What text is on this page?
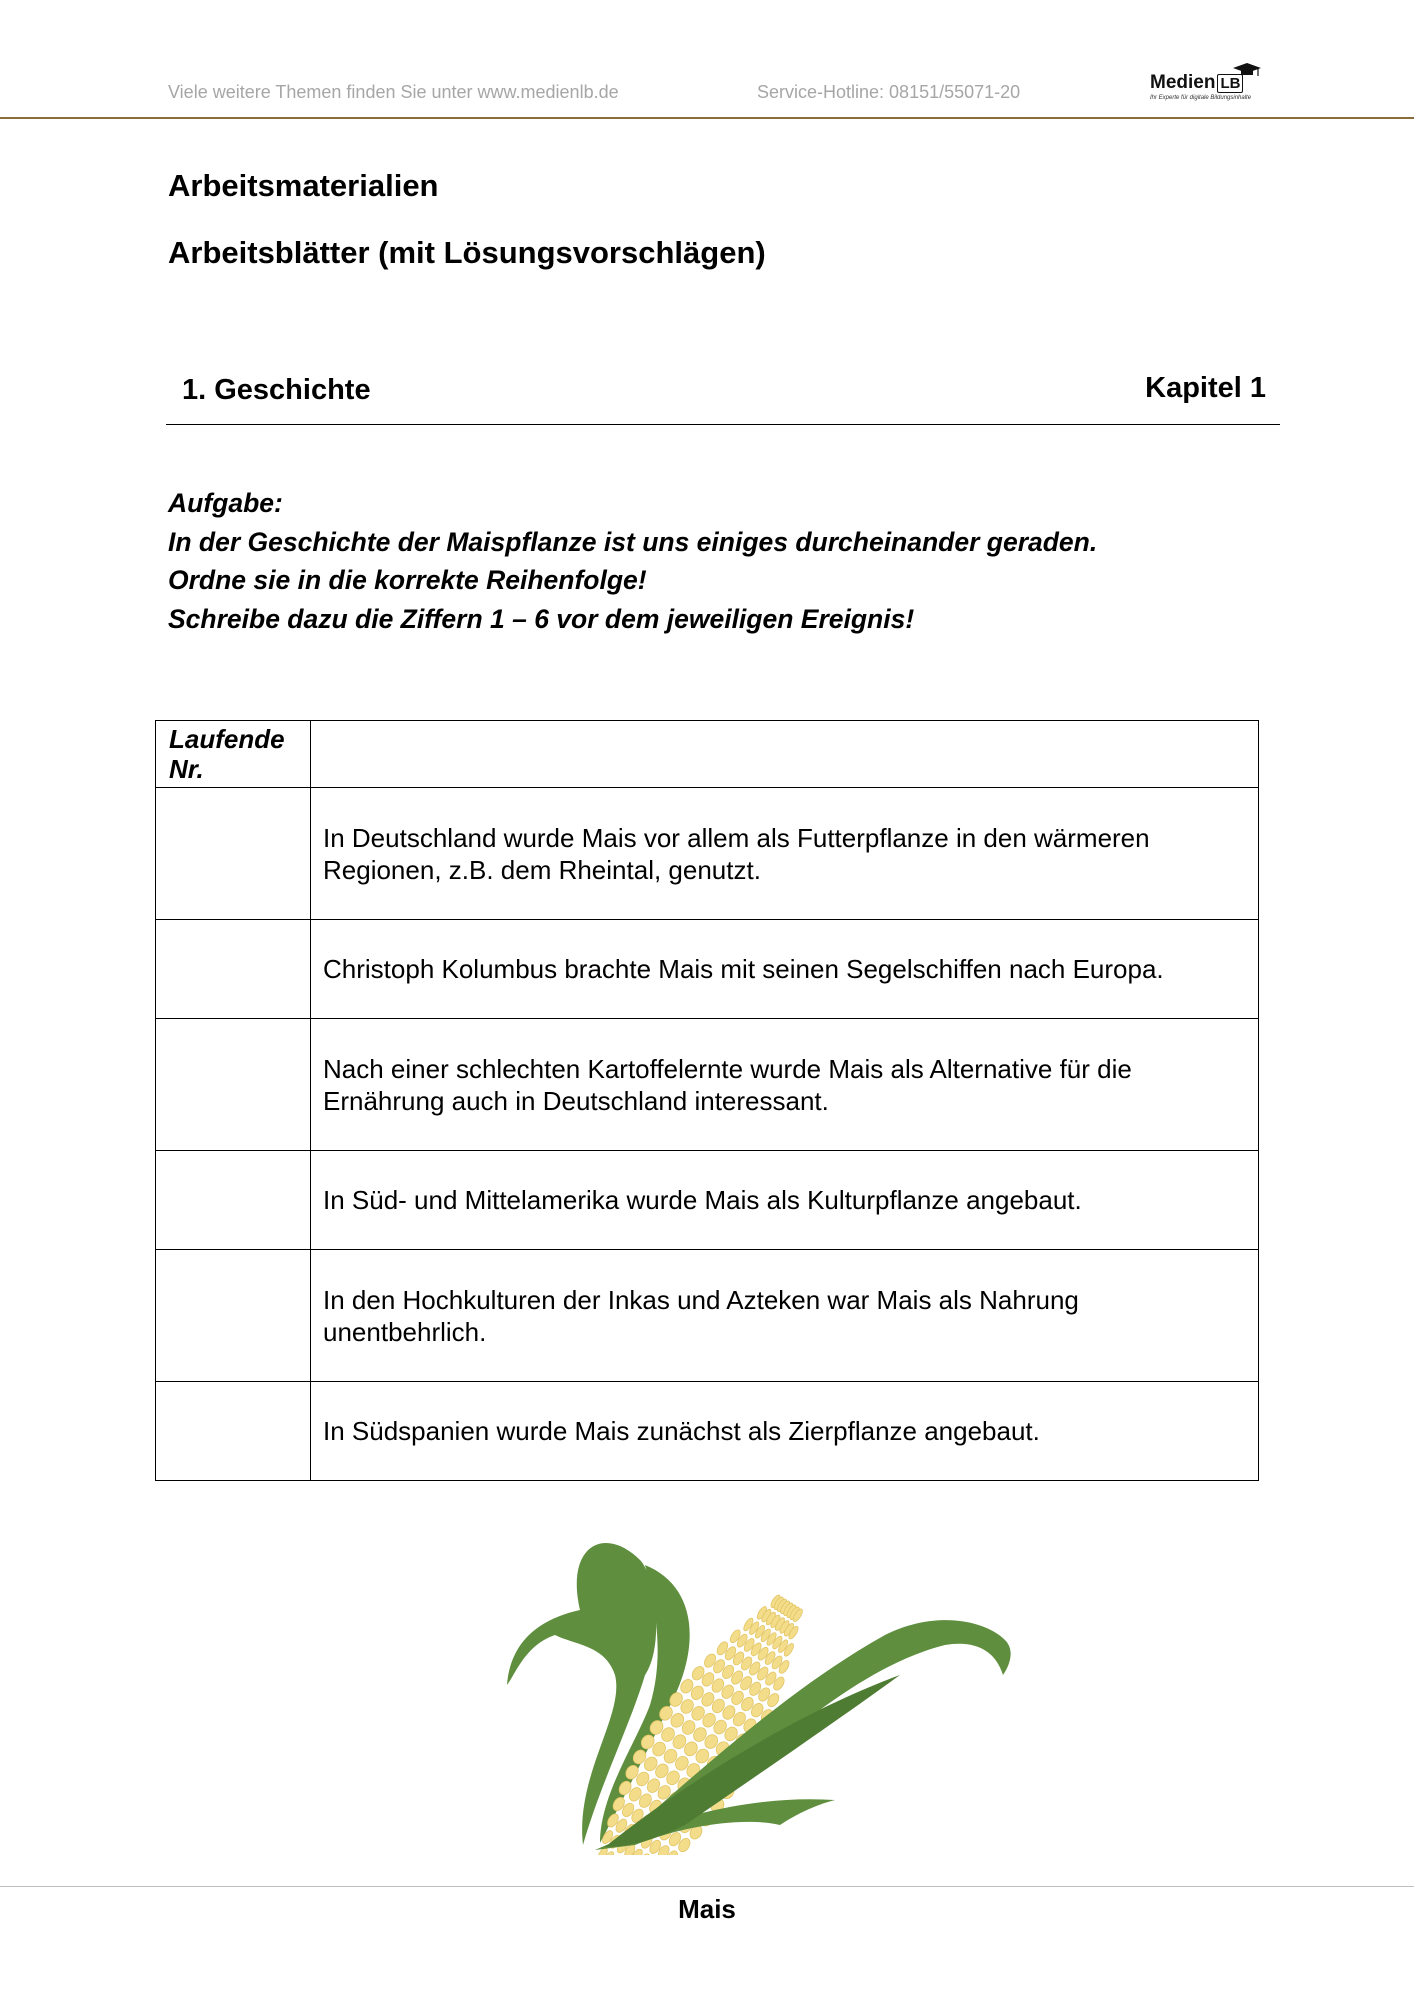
Viele weitere Themen finden Sie unter www.medienlb.de	Service-Hotline: 08151/55071-20	Medien LB
Ihr Experte für digitale Bildungsinhalte
Arbeitsmaterialien
Arbeitsblätter (mit Lösungsvorschlägen)
1. Geschichte	Kapitel 1
Aufgabe:
In der Geschichte der Maispflanze ist uns einiges durcheinander geraden.
Ordne sie in die korrekte Reihenfolge!
Schreibe dazu die Ziffern 1 – 6 vor dem jeweiligen Ereignis!
Laufende Nr.	
	In Deutschland wurde Mais vor allem als Futterpflanze in den wärmeren Regionen, z.B. dem Rheintal, genutzt.
	Christoph Kolumbus brachte Mais mit seinen Segelschiffen nach Europa.
	Nach einer schlechten Kartoffelernte wurde Mais als Alternative für die Ernährung auch in Deutschland interessant.
	In Süd- und Mittelamerika wurde Mais als Kulturpflanze angebaut.
	In den Hochkulturen der Inkas und Azteken war Mais als Nahrung unentbehrlich.
	In Südspanien wurde Mais zunächst als Zierpflanze angebaut.
Mais
